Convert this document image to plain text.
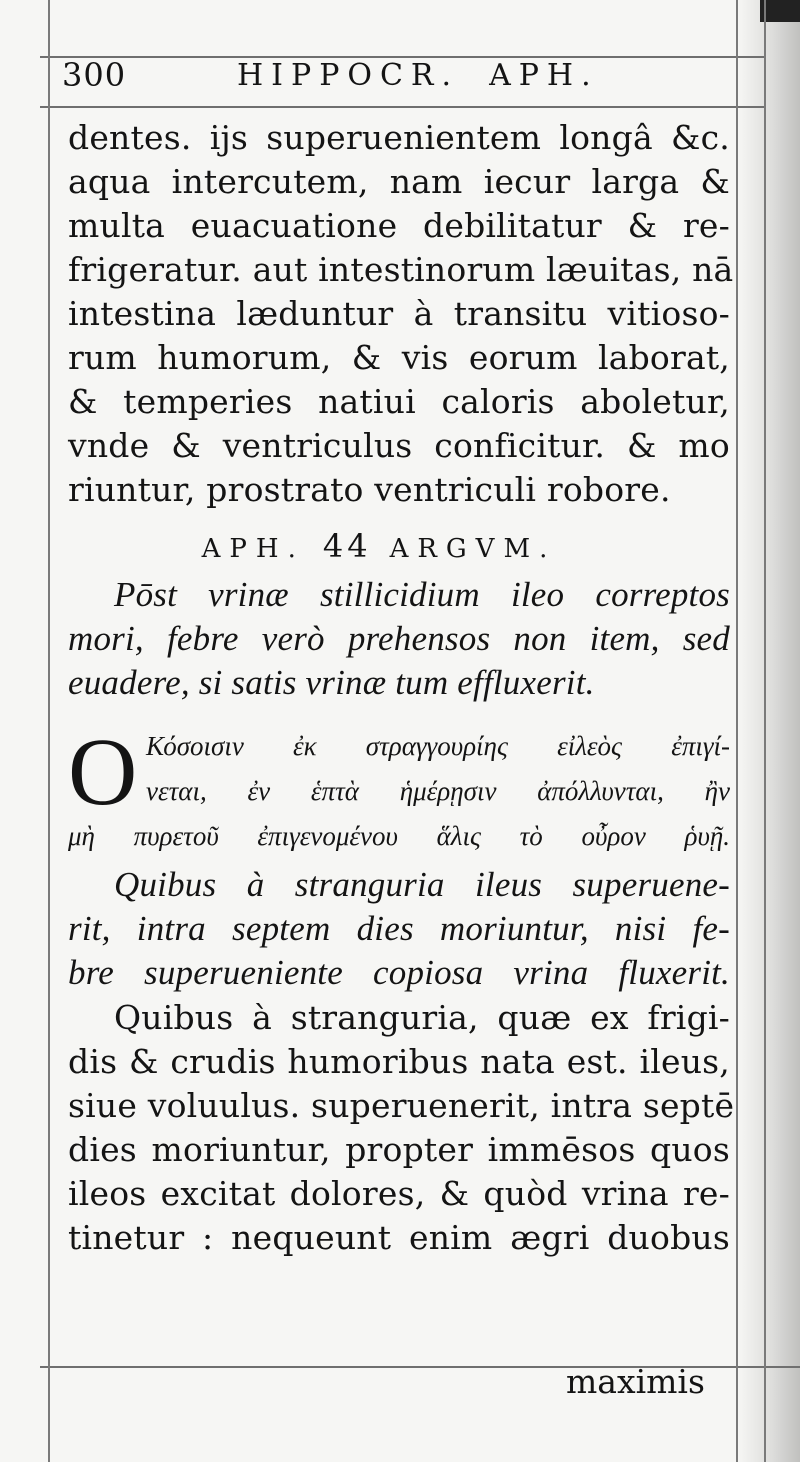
300	HIPPOCR. APH.
dentes. ijs superuenientem longâ &c.
aqua intercutem, nam iecur larga &
multa euacuatione debilitatur & re-
frigeratur. aut intestinorum læuitas, nā
intestina læduntur à transitu vitioso-
rum humorum, & vis eorum laborat,
& temperies natiui caloris aboletur,
vnde & ventriculus conficitur. & mo
riuntur, prostrato ventriculi robore.
APH. 44 ARGVM.
Pōst vrinæ stillicidium ileo correptos
mori, febre verò prehensos non item, sed
euadere, si satis vrinæ tum effluxerit.
O Κόσοισιν ἐκ στραγγουρίης εἰλεὸς ἐπιγί-
νεται, ἐν ἑπτὰ ἡμέρῃσιν ἀπόλλυνται, ἢν
μὴ πυρετοῦ ἐπιγενομένου ἅλις τὸ οὖρον ῥυῇ.
Quibus à stranguria ileus superuene-
rit, intra septem dies moriuntur, nisi fe-
bre superueniente copiosa vrina fluxerit.
Quibus à stranguria, quæ ex frigi-
dis & crudis humoribus nata est. ileus,
siue voluulus. superuenerit, intra septē
dies moriuntur, propter immēsos quos
ileos excitat dolores, & quòd vrina re-
tinetur : nequeunt enim ægri duobus
maximis
